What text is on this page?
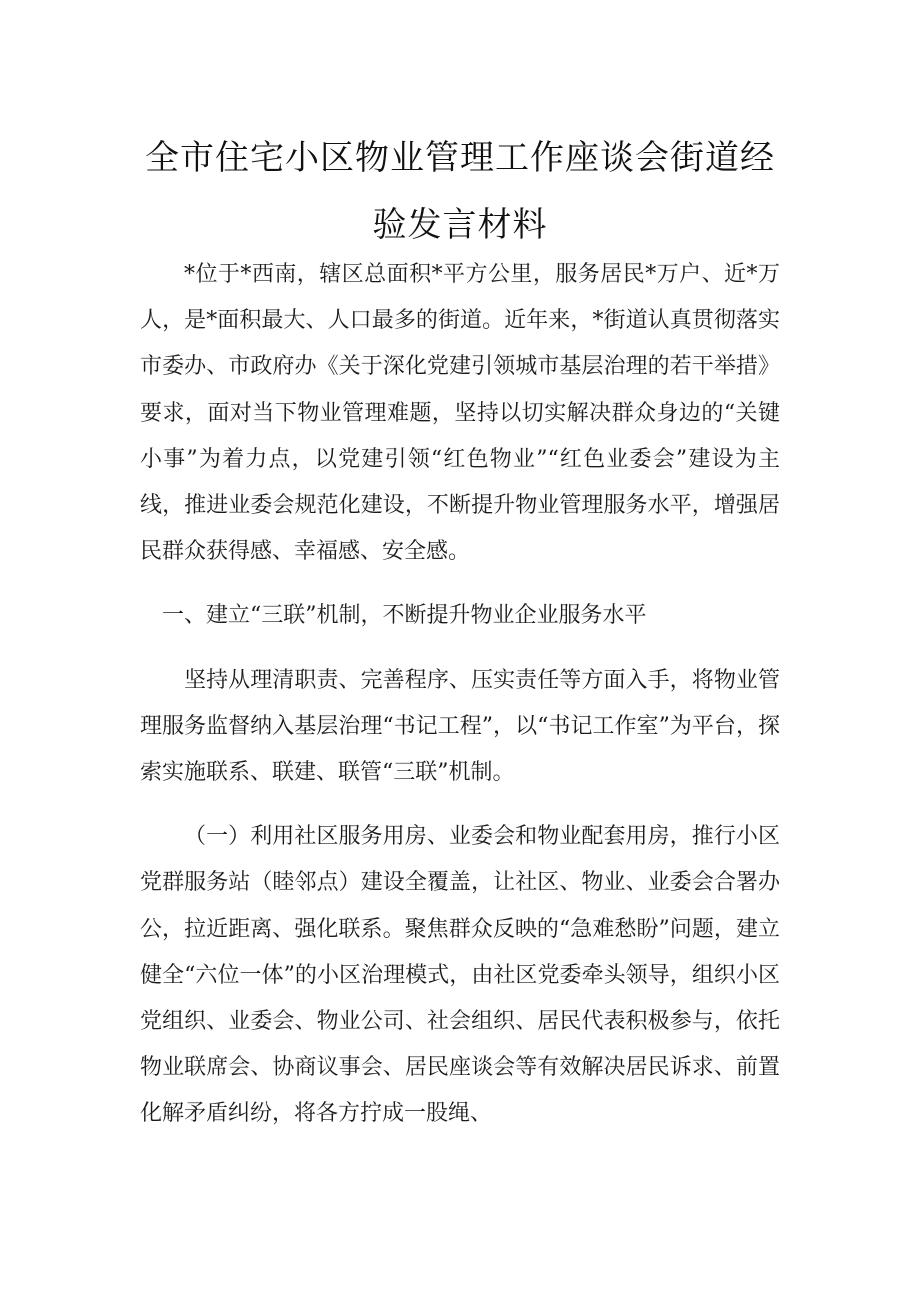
全市住宅小区物业管理工作座谈会街道经
验发言材料

*位于*西南，辖区总面积*平方公里，服务居民*万户、近*万人，是*面积最大、人口最多的街道。近年来，*街道认真贯彻落实市委办、市政府办《关于深化党建引领城市基层治理的若干举措》要求，面对当下物业管理难题，坚持以切实解决群众身边的“关键小事”为着力点，以党建引领“红色物业”“红色业委会”建设为主线，推进业委会规范化建设，不断提升物业管理服务水平，增强居民群众获得感、幸福感、安全感。

一、建立“三联”机制，不断提升物业企业服务水平

坚持从理清职责、完善程序、压实责任等方面入手，将物业管理服务监督纳入基层治理“书记工程”，以“书记工作室”为平台，探索实施联系、联建、联管“三联”机制。

（一）利用社区服务用房、业委会和物业配套用房，推行小区党群服务站（睦邻点）建设全覆盖，让社区、物业、业委会合署办公，拉近距离、强化联系。聚焦群众反映的“急难愁盼”问题，建立健全“六位一体”的小区治理模式，由社区党委牵头领导，组织小区党组织、业委会、物业公司、社会组织、居民代表积极参与，依托物业联席会、协商议事会、居民座谈会等有效解决居民诉求、前置化解矛盾纠纷，将各方拧成一股绳、
